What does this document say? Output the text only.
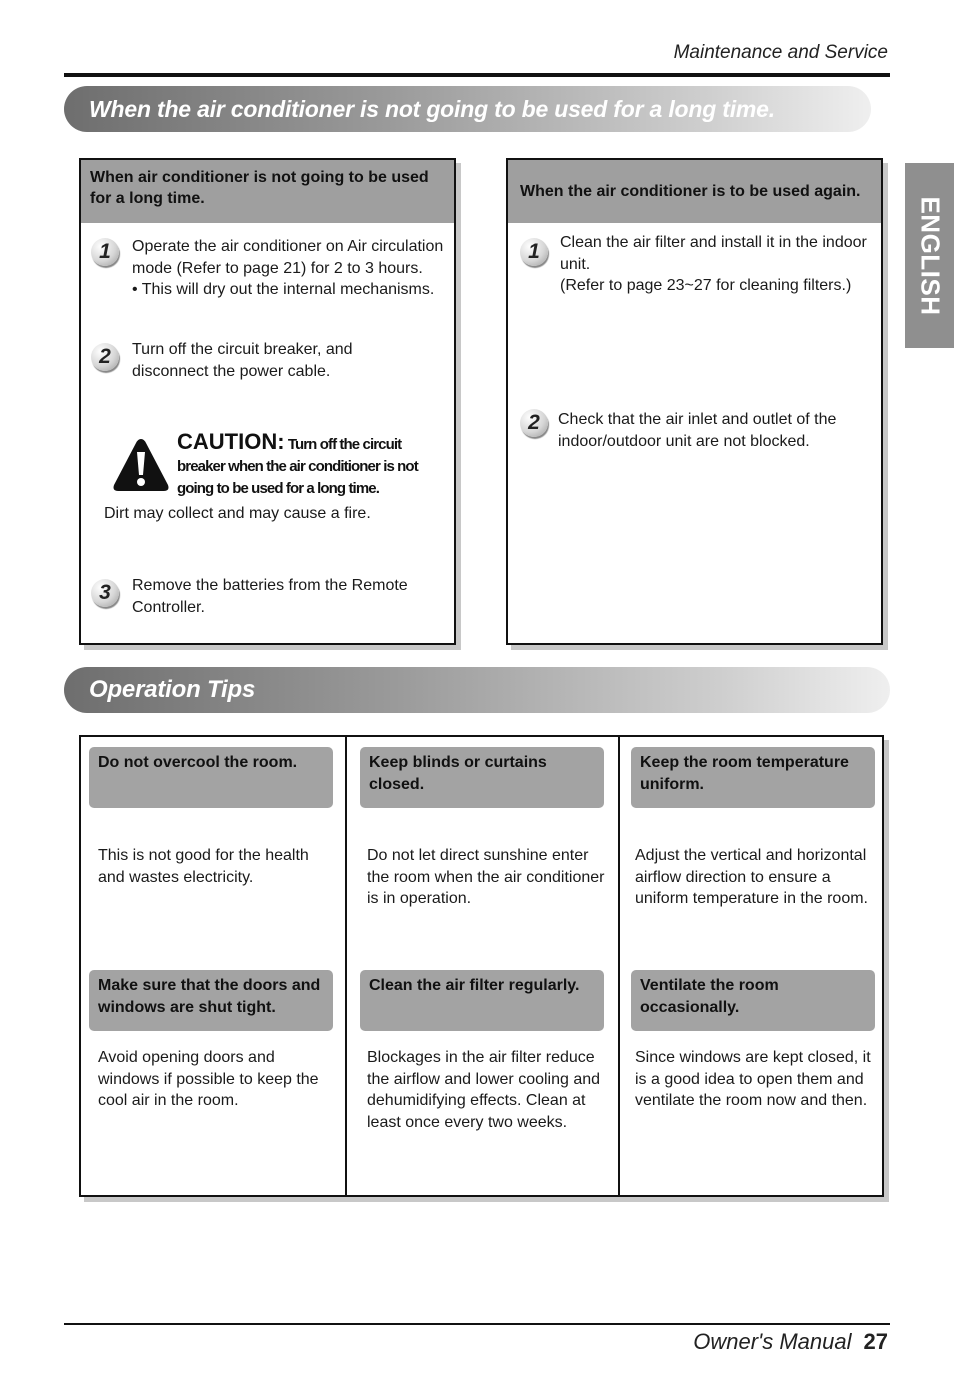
Maintenance and Service
When the air conditioner is not going to be used for a long time.
When air conditioner is not going to be used for a long time.
1	Operate the air conditioner on Air circulation mode (Refer to page 21) for 2 to 3 hours.
• This will dry out the internal mechanisms.
2	Turn off the circuit breaker, and disconnect the power cable.
CAUTION: Turn off the circuit breaker when the air conditioner is not going to be used for a long time.
Dirt may collect and may cause a fire.
3	Remove the batteries from the Remote Controller.
When the air conditioner is to be used again.
1	Clean the air filter and install it in the indoor unit.
(Refer to page 23~27 for cleaning filters.)
2	Check that the air inlet and outlet of the indoor/outdoor unit are not blocked.
Operation Tips
Do not overcool the room.
This is not good for the health and wastes electricity.
Keep blinds or curtains closed.
Do not let direct sunshine enter the room when the air conditioner is in operation.
Keep the room temperature uniform.
Adjust the vertical and horizontal airflow direction to ensure a uniform temperature in the room.
Make sure that the doors and windows are shut tight.
Avoid opening doors and windows if possible to keep the cool air in the room.
Clean the air filter regularly.
Blockages in the air filter reduce the airflow and lower cooling and dehumidifying effects. Clean at least once every two weeks.
Ventilate the room occasionally.
Since windows are kept closed, it is a good idea to open them and ventilate the room now and then.
ENGLISH
Owner's Manual 27
